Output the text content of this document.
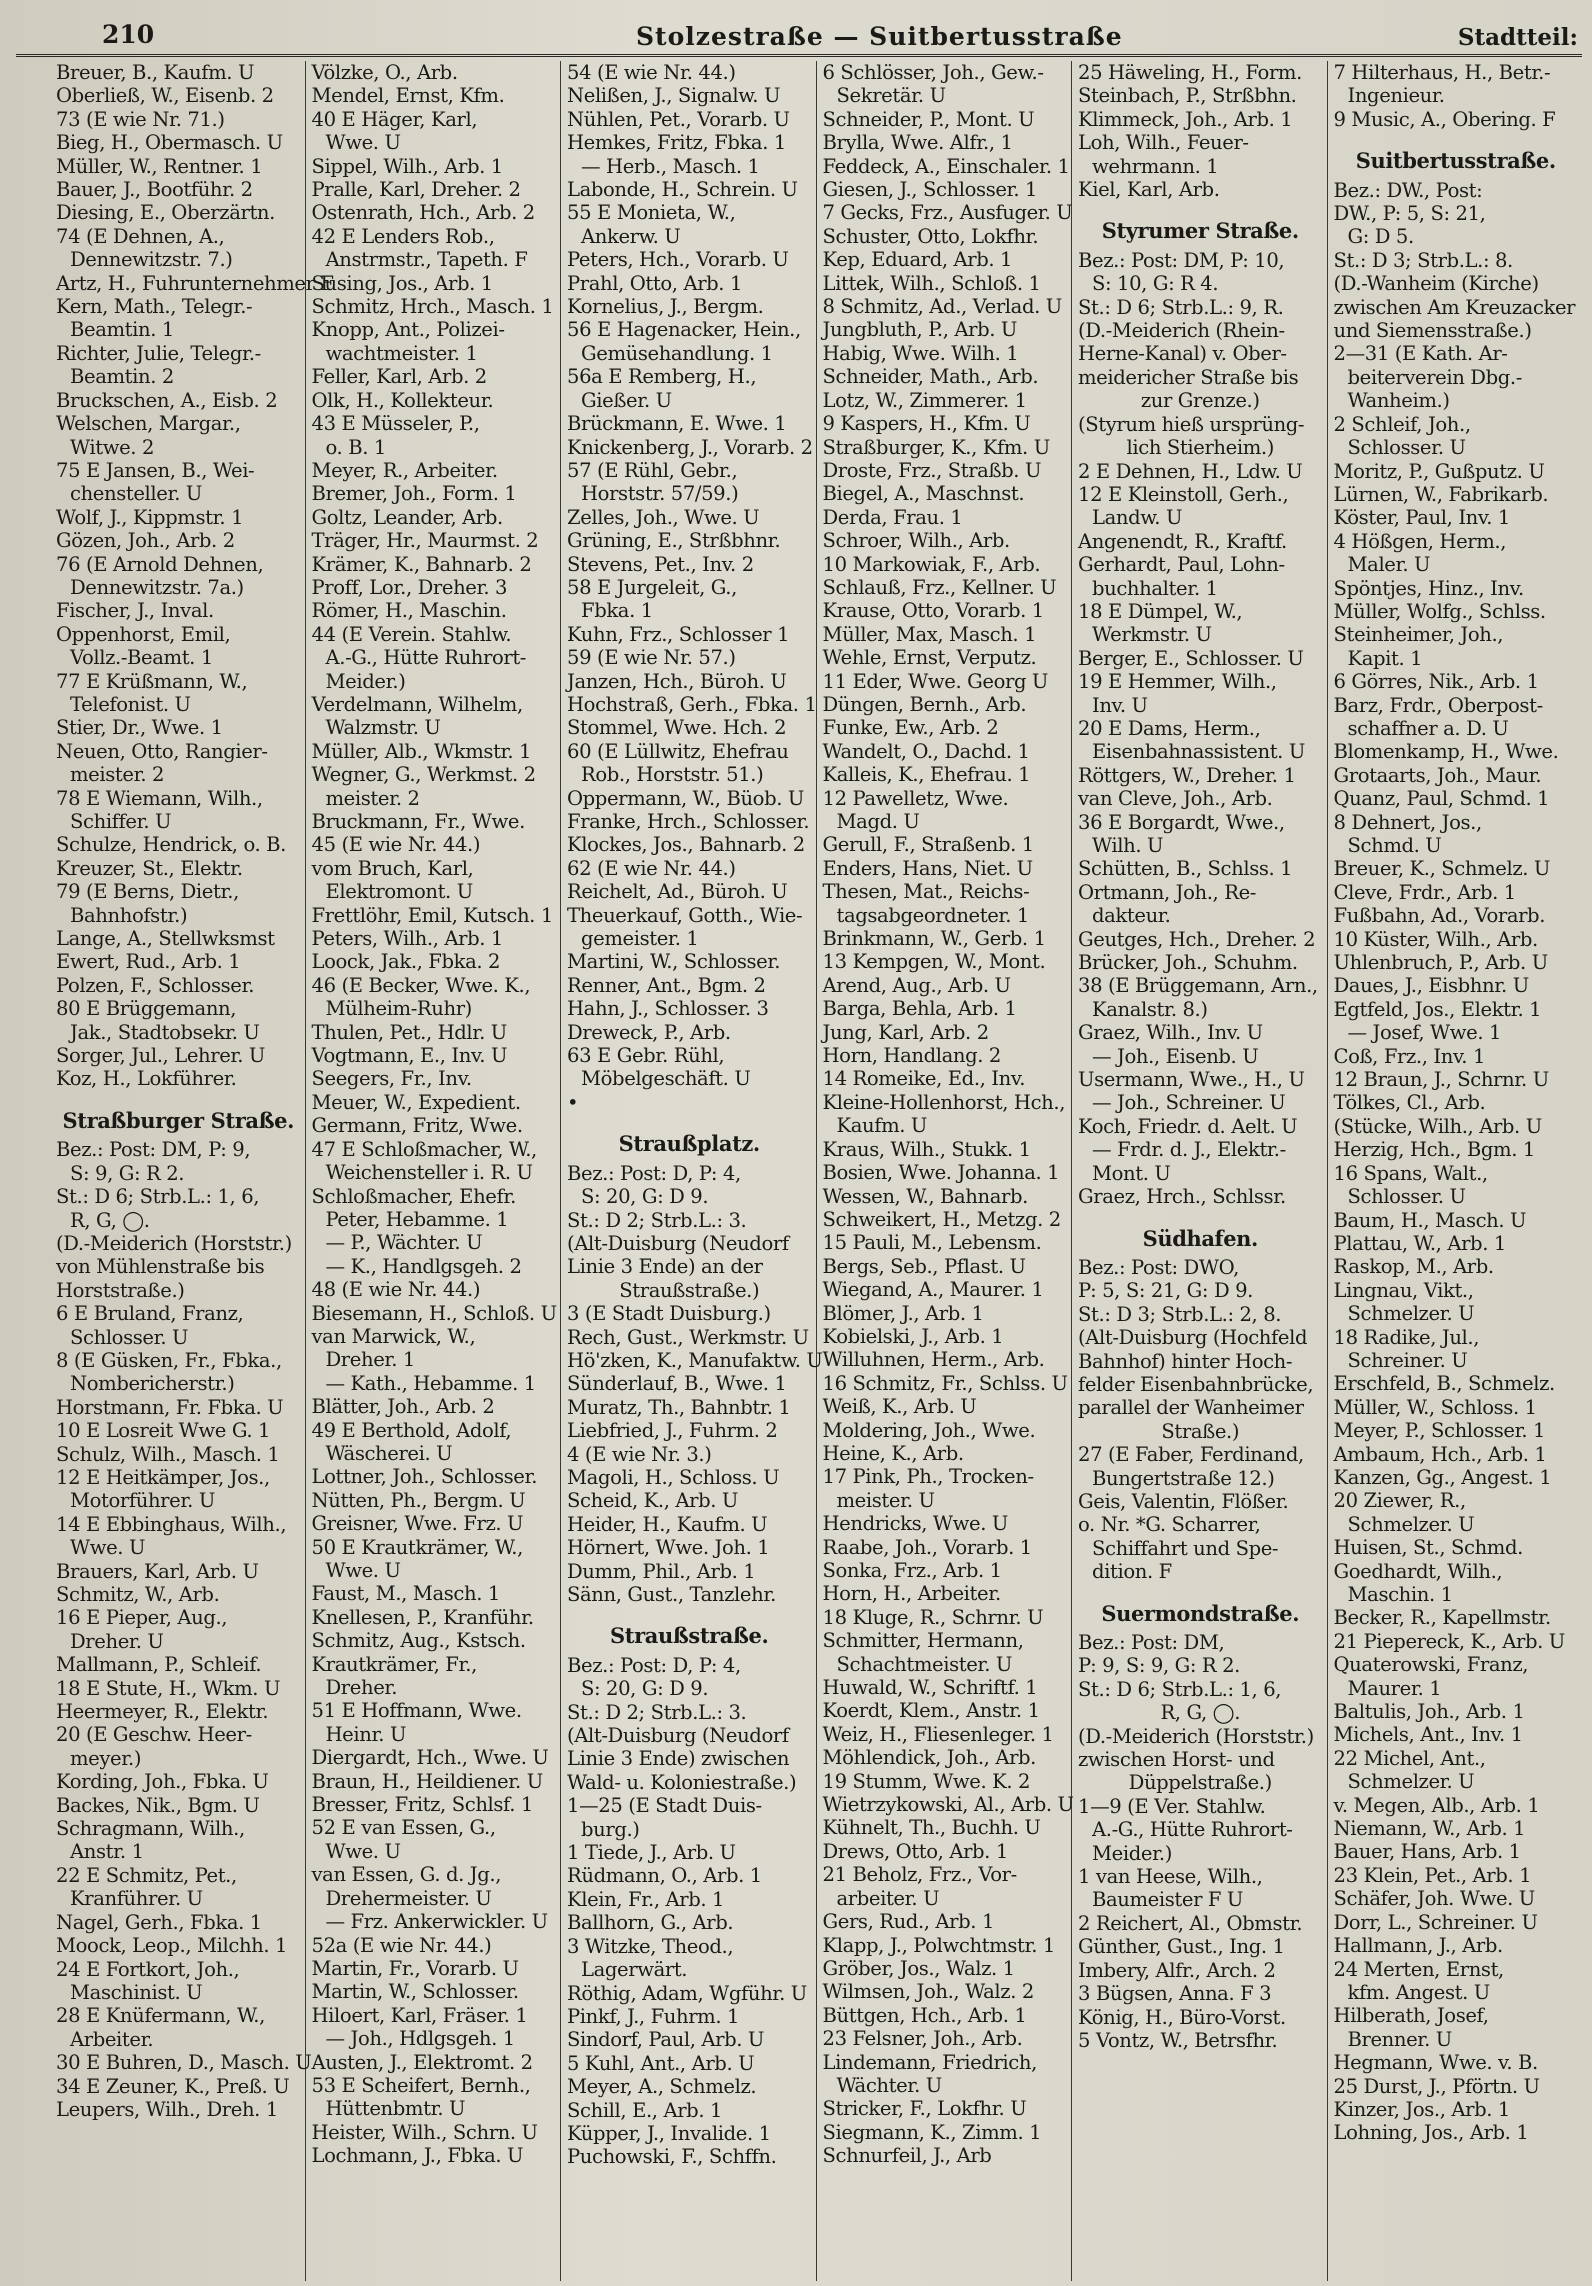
210	Stolzestraße — Suitbertusstraße	Stadtteil:
Breuer, B., Kaufm. U
Oberließ, W., Eisenb. 2
73 (E wie Nr. 71.)
Bieg, H., Obermasch. U
Müller, W., Rentner. 1
Bauer, J., Bootführ. 2
Diesing, E., Oberzärtn.
74 (E Dehnen, A.,
Dennewitzstr. 7.)
Artz, H., Fuhrunternehmer F
Kern, Math., Telegr.-
Beamtin. 1
Richter, Julie, Telegr.-
Beamtin. 2
Bruckschen, A., Eisb. 2
Welschen, Margar.,
Witwe. 2
75 E Jansen, B., Wei-
chensteller. U
Wolf, J., Kippmstr. 1
Gözen, Joh., Arb. 2
76 (E Arnold Dehnen,
Dennewitzstr. 7a.)
Fischer, J., Inval.
Oppenhorst, Emil,
Vollz.-Beamt. 1
77 E Krüßmann, W.,
Telefonist. U
Stier, Dr., Wwe. 1
Neuen, Otto, Rangier-
meister. 2
78 E Wiemann, Wilh.,
Schiffer. U
Schulze, Hendrick, o. B.
Kreuzer, St., Elektr.
79 (E Berns, Dietr.,
Bahnhofstr.)
Lange, A., Stellwksmst
Ewert, Rud., Arb. 1
Polzen, F., Schlosser.
80 E Brüggemann,
Jak., Stadtobsekr. U
Sorger, Jul., Lehrer. U
Koz, H., Lokführer.
Straßburger Straße.
Bez.: Post: DM, P: 9,
S: 9, G: R 2.
St.: D 6; Strb.L.: 1, 6,
R, G, ◯.
(D.-Meiderich (Horststr.)
von Mühlenstraße bis
Horststraße.)
6 E Bruland, Franz,
Schlosser. U
8 (E Güsken, Fr., Fbka.,
Nombericherstr.)
Horstmann, Fr. Fbka. U
10 E Losreit Wwe G. 1
Schulz, Wilh., Masch. 1
12 E Heitkämper, Jos.,
Motorführer. U
14 E Ebbinghaus, Wilh.,
Wwe. U
Brauers, Karl, Arb. U
Schmitz, W., Arb.
16 E Pieper, Aug.,
Dreher. U
Mallmann, P., Schleif.
18 E Stute, H., Wkm. U
Heermeyer, R., Elektr.
20 (E Geschw. Heer-
meyer.)
Kording, Joh., Fbka. U
Backes, Nik., Bgm. U
Schragmann, Wilh.,
Anstr. 1
22 E Schmitz, Pet.,
Kranführer. U
Nagel, Gerh., Fbka. 1
Moock, Leop., Milchh. 1
24 E Fortkort, Joh.,
Maschinist. U
28 E Knüfermann, W.,
Arbeiter.
30 E Buhren, D., Masch. U
34 E Zeuner, K., Preß. U
Leupers, Wilh., Dreh. 1
Völzke, O., Arb.
Mendel, Ernst, Kfm.
40 E Häger, Karl,
Wwe. U
Sippel, Wilh., Arb. 1
Pralle, Karl, Dreher. 2
Ostenrath, Hch., Arb. 2
42 E Lenders Rob.,
Anstrmstr., Tapeth. F
Susing, Jos., Arb. 1
Schmitz, Hrch., Masch. 1
Knopp, Ant., Polizei-
wachtmeister. 1
Feller, Karl, Arb. 2
Olk, H., Kollekteur.
43 E Müsseler, P.,
o. B. 1
Meyer, R., Arbeiter.
Bremer, Joh., Form. 1
Goltz, Leander, Arb.
Träger, Hr., Maurmst. 2
Krämer, K., Bahnarb. 2
Proff, Lor., Dreher. 3
Römer, H., Maschin.
44 (E Verein. Stahlw.
A.-G., Hütte Ruhrort-
Meider.)
Verdelmann, Wilhelm,
Walzmstr. U
Müller, Alb., Wkmstr. 1
Wegner, G., Werkmst. 2
meister. 2
Bruckmann, Fr., Wwe.
45 (E wie Nr. 44.)
vom Bruch, Karl,
Elektromont. U
Frettlöhr, Emil, Kutsch. 1
Peters, Wilh., Arb. 1
Loock, Jak., Fbka. 2
46 (E Becker, Wwe. K.,
Mülheim-Ruhr)
Thulen, Pet., Hdlr. U
Vogtmann, E., Inv. U
Seegers, Fr., Inv.
Meuer, W., Expedient.
Germann, Fritz, Wwe.
47 E Schloßmacher, W.,
Weichensteller i. R. U
Schloßmacher, Ehefr.
Peter, Hebamme. 1
— P., Wächter. U
— K., Handlgsgeh. 2
48 (E wie Nr. 44.)
Biesemann, H., Schloß. U
van Marwick, W.,
Dreher. 1
— Kath., Hebamme. 1
Blätter, Joh., Arb. 2
49 E Berthold, Adolf,
Wäscherei. U
Lottner, Joh., Schlosser.
Nütten, Ph., Bergm. U
Greisner, Wwe. Frz. U
50 E Krautkrämer, W.,
Wwe. U
Faust, M., Masch. 1
Knellesen, P., Kranführ.
Schmitz, Aug., Kstsch.
Krautkrämer, Fr.,
Dreher.
51 E Hoffmann, Wwe.
Heinr. U
Diergardt, Hch., Wwe. U
Braun, H., Heildiener. U
Bresser, Fritz, Schlsf. 1
52 E van Essen, G.,
Wwe. U
van Essen, G. d. Jg.,
Drehermeister. U
— Frz. Ankerwickler. U
52a (E wie Nr. 44.)
Martin, Fr., Vorarb. U
Martin, W., Schlosser.
Hiloert, Karl, Fräser. 1
— Joh., Hdlgsgeh. 1
Austen, J., Elektromt. 2
53 E Scheifert, Bernh.,
Hüttenbmtr. U
Heister, Wilh., Schrn. U
Lochmann, J., Fbka. U
54 (E wie Nr. 44.)
Nelißen, J., Signalw. U
Nühlen, Pet., Vorarb. U
Hemkes, Fritz, Fbka. 1
— Herb., Masch. 1
Labonde, H., Schrein. U
55 E Monieta, W.,
Ankerw. U
Peters, Hch., Vorarb. U
Prahl, Otto, Arb. 1
Kornelius, J., Bergm.
56 E Hagenacker, Hein.,
Gemüsehandlung. 1
56a E Remberg, H.,
Gießer. U
Brückmann, E. Wwe. 1
Knickenberg, J., Vorarb. 2
57 (E Rühl, Gebr.,
Horststr. 57/59.)
Zelles, Joh., Wwe. U
Grüning, E., Strßbhnr.
Stevens, Pet., Inv. 2
58 E Jurgeleit, G.,
Fbka. 1
Kuhn, Frz., Schlosser 1
59 (E wie Nr. 57.)
Janzen, Hch., Büroh. U
Hochstraß, Gerh., Fbka. 1
Stommel, Wwe. Hch. 2
60 (E Lüllwitz, Ehefrau
Rob., Horststr. 51.)
Oppermann, W., Büob. U
Franke, Hrch., Schlosser.
Klockes, Jos., Bahnarb. 2
62 (E wie Nr. 44.)
Reichelt, Ad., Büroh. U
Theuerkauf, Gotth., Wie-
gemeister. 1
Martini, W., Schlosser.
Renner, Ant., Bgm. 2
Hahn, J., Schlosser. 3
Dreweck, P., Arb.
63 E Gebr. Rühl,
Möbelgeschäft. U
•
Straußplatz.
Bez.: Post: D, P: 4,
S: 20, G: D 9.
St.: D 2; Strb.L.: 3.
(Alt-Duisburg (Neudorf
Linie 3 Ende) an der
Straußstraße.)
3 (E Stadt Duisburg.)
Rech, Gust., Werkmstr. U
Hö'zken, K., Manufaktw. U
Sünderlauf, B., Wwe. 1
Muratz, Th., Bahnbtr. 1
Liebfried, J., Fuhrm. 2
4 (E wie Nr. 3.)
Magoli, H., Schloss. U
Scheid, K., Arb. U
Heider, H., Kaufm. U
Hörnert, Wwe. Joh. 1
Dumm, Phil., Arb. 1
Sänn, Gust., Tanzlehr.
Straußstraße.
Bez.: Post: D, P: 4,
S: 20, G: D 9.
St.: D 2; Strb.L.: 3.
(Alt-Duisburg (Neudorf
Linie 3 Ende) zwischen
Wald- u. Koloniestraße.)
1—25 (E Stadt Duis-
burg.)
1 Tiede, J., Arb. U
Rüdmann, O., Arb. 1
Klein, Fr., Arb. 1
Ballhorn, G., Arb.
3 Witzke, Theod.,
Lagerwärt.
Röthig, Adam, Wgführ. U
Pinkf, J., Fuhrm. 1
Sindorf, Paul, Arb. U
5 Kuhl, Ant., Arb. U
Meyer, A., Schmelz.
Schill, E., Arb. 1
Küpper, J., Invalide. 1
Puchowski, F., Schffn.
6 Schlösser, Joh., Gew.-
Sekretär. U
Schneider, P., Mont. U
Brylla, Wwe. Alfr., 1
Feddeck, A., Einschaler. 1
Giesen, J., Schlosser. 1
7 Gecks, Frz., Ausfuger. U
Schuster, Otto, Lokfhr.
Kep, Eduard, Arb. 1
Littek, Wilh., Schloß. 1
8 Schmitz, Ad., Verlad. U
Jungbluth, P., Arb. U
Habig, Wwe. Wilh. 1
Schneider, Math., Arb.
Lotz, W., Zimmerer. 1
9 Kaspers, H., Kfm. U
Straßburger, K., Kfm. U
Droste, Frz., Straßb. U
Biegel, A., Maschnst.
Derda, Frau. 1
Schroer, Wilh., Arb.
10 Markowiak, F., Arb.
Schlauß, Frz., Kellner. U
Krause, Otto, Vorarb. 1
Müller, Max, Masch. 1
Wehle, Ernst, Verputz.
11 Eder, Wwe. Georg U
Düngen, Bernh., Arb.
Funke, Ew., Arb. 2
Wandelt, O., Dachd. 1
Kalleis, K., Ehefrau. 1
12 Pawelletz, Wwe.
Magd. U
Gerull, F., Straßenb. 1
Enders, Hans, Niet. U
Thesen, Mat., Reichs-
tagsabgeordneter. 1
Brinkmann, W., Gerb. 1
13 Kempgen, W., Mont.
Arend, Aug., Arb. U
Barga, Behla, Arb. 1
Jung, Karl, Arb. 2
Horn, Handlang. 2
14 Romeike, Ed., Inv.
Kleine-Hollenhorst, Hch.,
Kaufm. U
Kraus, Wilh., Stukk. 1
Bosien, Wwe. Johanna. 1
Wessen, W., Bahnarb.
Schweikert, H., Metzg. 2
15 Pauli, M., Lebensm.
Bergs, Seb., Pflast. U
Wiegand, A., Maurer. 1
Blömer, J., Arb. 1
Kobielski, J., Arb. 1
Willuhnen, Herm., Arb.
16 Schmitz, Fr., Schlss. U
Weiß, K., Arb. U
Moldering, Joh., Wwe.
Heine, K., Arb.
17 Pink, Ph., Trocken-
meister. U
Hendricks, Wwe. U
Raabe, Joh., Vorarb. 1
Sonka, Frz., Arb. 1
Horn, H., Arbeiter.
18 Kluge, R., Schrnr. U
Schmitter, Hermann,
Schachtmeister. U
Huwald, W., Schriftf. 1
Koerdt, Klem., Anstr. 1
Weiz, H., Fliesenleger. 1
Möhlendick, Joh., Arb.
19 Stumm, Wwe. K. 2
Wietrzykowski, Al., Arb. U
Kühnelt, Th., Buchh. U
Drews, Otto, Arb. 1
21 Beholz, Frz., Vor-
arbeiter. U
Gers, Rud., Arb. 1
Klapp, J., Polwchtmstr. 1
Gröber, Jos., Walz. 1
Wilmsen, Joh., Walz. 2
Büttgen, Hch., Arb. 1
23 Felsner, Joh., Arb.
Lindemann, Friedrich,
Wächter. U
Stricker, F., Lokfhr. U
Siegmann, K., Zimm. 1
Schnurfeil, J., Arb
25 Häweling, H., Form.
Steinbach, P., Strßbhn.
Klimmeck, Joh., Arb. 1
Loh, Wilh., Feuer-
wehrmann. 1
Kiel, Karl, Arb.
Styrumer Straße.
Bez.: Post: DM, P: 10,
S: 10, G: R 4.
St.: D 6; Strb.L.: 9, R.
(D.-Meiderich (Rhein-
Herne-Kanal) v. Ober-
meidericher Straße bis
zur Grenze.)
(Styrum hieß ursprüng-
lich Stierheim.)
2 E Dehnen, H., Ldw. U
12 E Kleinstoll, Gerh.,
Landw. U
Angenendt, R., Kraftf.
Gerhardt, Paul, Lohn-
buchhalter. 1
18 E Dümpel, W.,
Werkmstr. U
Berger, E., Schlosser. U
19 E Hemmer, Wilh.,
Inv. U
20 E Dams, Herm.,
Eisenbahnassistent. U
Röttgers, W., Dreher. 1
van Cleve, Joh., Arb.
36 E Borgardt, Wwe.,
Wilh. U
Schütten, B., Schlss. 1
Ortmann, Joh., Re-
dakteur.
Geutges, Hch., Dreher. 2
Brücker, Joh., Schuhm.
38 (E Brüggemann, Arn.,
Kanalstr. 8.)
Graez, Wilh., Inv. U
— Joh., Eisenb. U
Usermann, Wwe., H., U
— Joh., Schreiner. U
Koch, Friedr. d. Aelt. U
— Frdr. d. J., Elektr.-
Mont. U
Graez, Hrch., Schlssr.
Südhafen.
Bez.: Post: DWO,
P: 5, S: 21, G: D 9.
St.: D 3; Strb.L.: 2, 8.
(Alt-Duisburg (Hochfeld
Bahnhof) hinter Hoch-
felder Eisenbahnbrücke,
parallel der Wanheimer
Straße.)
27 (E Faber, Ferdinand,
Bungertstraße 12.)
Geis, Valentin, Flößer.
o. Nr. *G. Scharrer,
Schiffahrt und Spe-
dition. F
Suermondstraße.
Bez.: Post: DM,
P: 9, S: 9, G: R 2.
St.: D 6; Strb.L.: 1, 6,
R, G, ◯.
(D.-Meiderich (Horststr.)
zwischen Horst- und
Düppelstraße.)
1—9 (E Ver. Stahlw.
A.-G., Hütte Ruhrort-
Meider.)
1 van Heese, Wilh.,
Baumeister F U
2 Reichert, Al., Obmstr.
Günther, Gust., Ing. 1
Imbery, Alfr., Arch. 2
3 Bügsen, Anna. F 3
König, H., Büro-Vorst.
5 Vontz, W., Betrsfhr.
7 Hilterhaus, H., Betr.-
Ingenieur.
9 Music, A., Obering. F
Suitbertusstraße.
Bez.: DW., Post:
DW., P: 5, S: 21,
G: D 5.
St.: D 3; Strb.L.: 8.
(D.-Wanheim (Kirche)
zwischen Am Kreuzacker
und Siemensstraße.)
2—31 (E Kath. Ar-
beiterverein Dbg.-
Wanheim.)
2 Schleif, Joh.,
Schlosser. U
Moritz, P., Gußputz. U
Lürnen, W., Fabrikarb.
Köster, Paul, Inv. 1
4 Hößgen, Herm.,
Maler. U
Spöntjes, Hinz., Inv.
Müller, Wolfg., Schlss.
Steinheimer, Joh.,
Kapit. 1
6 Görres, Nik., Arb. 1
Barz, Frdr., Oberpost-
schaffner a. D. U
Blomenkamp, H., Wwe.
Grotaarts, Joh., Maur.
Quanz, Paul, Schmd. 1
8 Dehnert, Jos.,
Schmd. U
Breuer, K., Schmelz. U
Cleve, Frdr., Arb. 1
Fußbahn, Ad., Vorarb.
10 Küster, Wilh., Arb.
Uhlenbruch, P., Arb. U
Daues, J., Eisbhnr. U
Egtfeld, Jos., Elektr. 1
— Josef, Wwe. 1
Coß, Frz., Inv. 1
12 Braun, J., Schrnr. U
Tölkes, Cl., Arb.
(Stücke, Wilh., Arb. U
Herzig, Hch., Bgm. 1
16 Spans, Walt.,
Schlosser. U
Baum, H., Masch. U
Plattau, W., Arb. 1
Raskop, M., Arb.
Lingnau, Vikt.,
Schmelzer. U
18 Radike, Jul.,
Schreiner. U
Erschfeld, B., Schmelz.
Müller, W., Schloss. 1
Meyer, P., Schlosser. 1
Ambaum, Hch., Arb. 1
Kanzen, Gg., Angest. 1
20 Ziewer, R.,
Schmelzer. U
Huisen, St., Schmd.
Goedhardt, Wilh.,
Maschin. 1
Becker, R., Kapellmstr.
21 Piepereck, K., Arb. U
Quaterowski, Franz,
Maurer. 1
Baltulis, Joh., Arb. 1
Michels, Ant., Inv. 1
22 Michel, Ant.,
Schmelzer. U
v. Megen, Alb., Arb. 1
Niemann, W., Arb. 1
Bauer, Hans, Arb. 1
23 Klein, Pet., Arb. 1
Schäfer, Joh. Wwe. U
Dorr, L., Schreiner. U
Hallmann, J., Arb.
24 Merten, Ernst,
kfm. Angest. U
Hilberath, Josef,
Brenner. U
Hegmann, Wwe. v. B.
25 Durst, J., Pförtn. U
Kinzer, Jos., Arb. 1
Lohning, Jos., Arb. 1
